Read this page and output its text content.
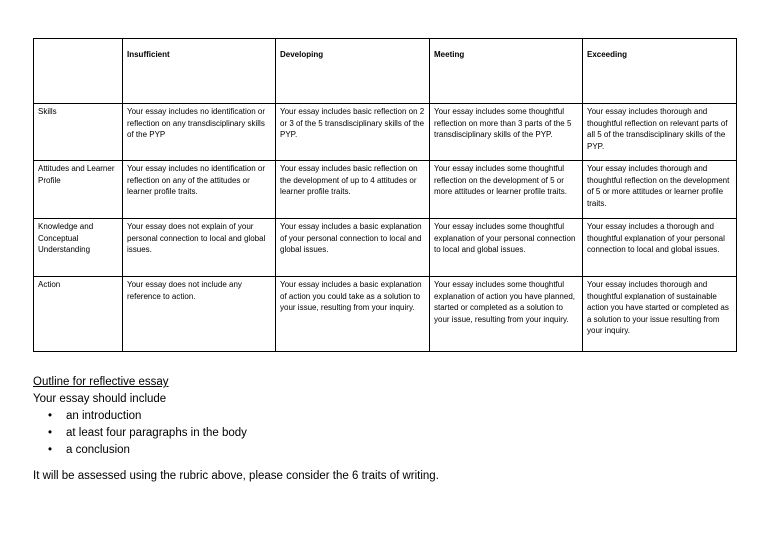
	Insufficient	Developing	Meeting	Exceeding
Skills	Your essay includes no identification or reflection on any transdisciplinary skills of the PYP	Your essay includes basic reflection on 2 or 3 of the 5 transdisciplinary skills of the PYP.	Your essay includes some thoughtful reflection on more than 3 parts of the 5 transdisciplinary skills of the PYP.	Your essay includes thorough and thoughtful reflection on relevant parts of all 5 of the transdisciplinary skills of the PYP.
Attitudes and Learner Profile	Your essay includes no identification or reflection on any of the attitudes or learner profile traits.	Your essay includes basic reflection on the development of up to 4 attitudes or learner profile traits.	Your essay includes some thoughtful reflection on the development of 5 or more attitudes or learner profile traits.	Your essay includes thorough and thoughtful reflection on the development of 5 or more attitudes or learner profile traits.
Knowledge and Conceptual Understanding	Your essay does not explain of your personal connection to local and global issues.	Your essay includes a basic explanation of your personal connection to local and global issues.	Your essay includes some thoughtful explanation of your personal connection to local and global issues.	Your essay includes a thorough and thoughtful explanation of your personal connection to local and global issues.
Action	Your essay does not include any reference to action.	Your essay includes a basic explanation of action you could take as a solution to your issue, resulting from your inquiry.	Your essay includes some thoughtful explanation of action you have planned, started or completed as a solution to your issue, resulting from your inquiry.	Your essay includes thorough and thoughtful explanation of sustainable action you have started or completed as a solution to your issue resulting from your inquiry.
Outline for reflective essay
Your essay should include
• an introduction
• at least four paragraphs in the body
• a conclusion
It will be assessed using the rubric above, please consider the 6 traits of writing.
